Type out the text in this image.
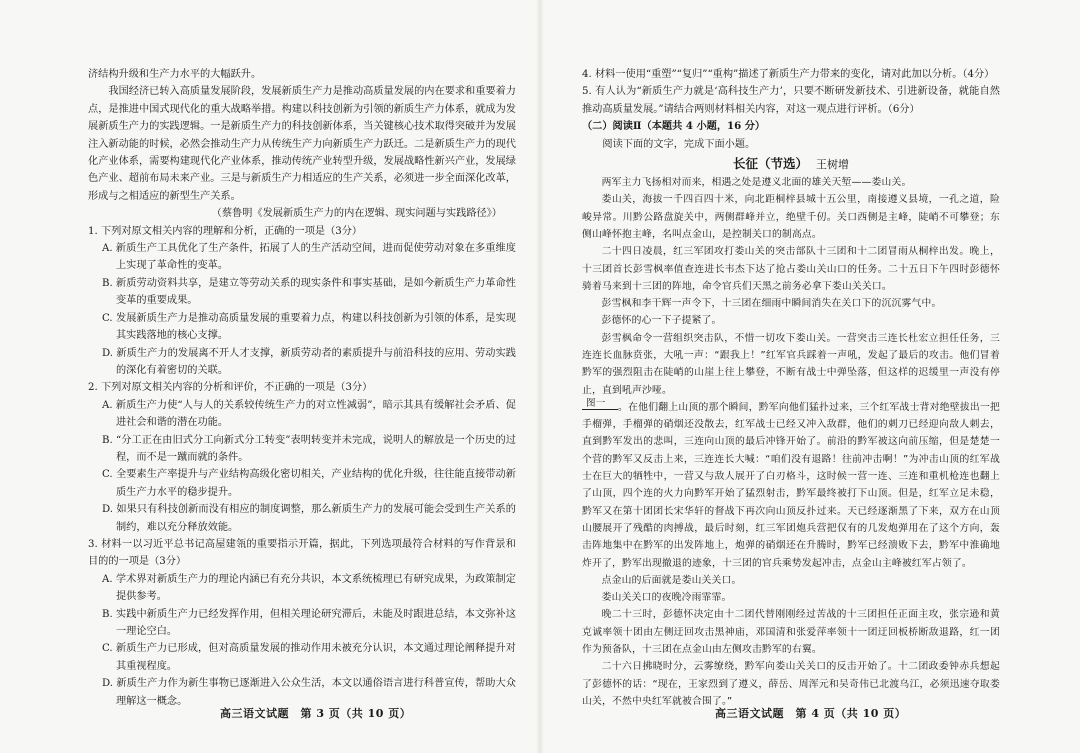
济结构升级和生产力水平的大幅跃升。

我国经济已转入高质量发展阶段，发展新质生产力是推动高质量发展的内在要求和重要着力点，是推进中国式现代化的重大战略举措。构建以科技创新为引领的新质生产力体系，就成为发展新质生产力的实践逻辑。一是新质生产力的科技创新体系，当关键核心技术取得突破并为发展注入新动能的时候，必然会推动生产力从传统生产力向新质生产力跃迁。二是新质生产力的现代化产业体系，需要构建现代化产业体系，推动传统产业转型升级，发展战略性新兴产业，发展绿色产业、超前布局未来产业。三是与新质生产力相适应的生产关系，必须进一步全面深化改革，形成与之相适应的新型生产关系。

（蔡鲁明《发展新质生产力的内在逻辑、现实问题与实践路径》）

1. 下列对原文相关内容的理解和分析，正确的一项是（3分）

A. 新质生产工具优化了生产条件，拓展了人的生产活动空间，进而促使劳动对象在多重维度上实现了革命性的变革。

B. 新质劳动资料共享，是建立等劳动关系的现实条件和事实基础，是如今新质生产力革命性变革的重要成果。

C. 发展新质生产力是推动高质量发展的重要着力点，构建以科技创新为引领的体系，是实现其实践落地的核心支撑。

D. 新质生产力的发展离不开人才支撑，新质劳动者的素质提升与前沿科技的应用、劳动实践的深化有着密切的关联。

2. 下列对原文相关内容的分析和评价，不正确的一项是（3分）

A. 新质生产力使“人与人的关系较传统生产力的对立性减弱”，暗示其具有缓解社会矛盾、促进社会和谐的潜在功能。

B. “分工正在由旧式分工向新式分工转变”表明转变并未完成，说明人的解放是一个历史的过程，而不是一蹴而就的条件。

C. 全要素生产率提升与产业结构高级化密切相关，产业结构的优化升级，往往能直接带动新质生产力水平的稳步提升。

D. 如果只有科技创新而没有相应的制度调整，那么新质生产力的发展可能会受到生产关系的制约，难以充分释放效能。

3. 材料一以习近平总书记高屋建瓴的重要指示开篇，据此，下列选项最符合材料的写作背景和目的的一项是（3分）

A. 学术界对新质生产力的理论内涵已有充分共识，本文系统梳理已有研究成果，为政策制定提供参考。

B. 实践中新质生产力已经发挥作用，但相关理论研究滞后，未能及时跟进总结，本文弥补这一理论空白。

C. 新质生产力已形成，但对高质量发展的推动作用未被充分认识，本文通过理论阐释提升对其重视程度。

D. 新质生产力作为新生事物已逐渐进入公众生活，本文以通俗语言进行科普宣传，帮助大众理解这一概念。

高三语文试题　第 3 页（共 10 页）

4. 材料一使用“重塑”“复归”“重构”描述了新质生产力带来的变化，请对此加以分析。（4分）

5. 有人认为“新质生产力就是‘高科技生产力’，只要不断研发新技术、引进新设备，就能自然推动高质量发展。”请结合两则材料相关内容，对这一观点进行评析。（6分）

（二）阅读Ⅱ（本题共 4 小题，16 分）

阅读下面的文字，完成下面小题。

长征（节选） 王树增

两军主力飞扬相对而来，相遇之处是遵义北面的雄关天堑——娄山关。

娄山关，海拔一千四百四十米，向北距桐梓县城十五公里，南接遵义县境，一孔之道，险峻异常。川黔公路盘旋关中，两侧群峰并立，绝壁千仞。关口西侧是主峰，陡峭不可攀登；东侧山峰怀抱主峰，名叫点金山，是控制关口的制高点。

二十四日凌晨，红三军团攻打娄山关的突击部队十三团和十二团冒雨从桐梓出发。晚上，十三团首长彭雪枫率值查连进长韦杰下达了抢占娄山关山口的任务。二十五日下午四时彭德怀骑着马来到十三团的阵地，命令官兵们天黑之前务必拿下娄山关关口。

彭雪枫和李干辉一声令下，十三团在细雨中瞬间消失在关口下的沉沉雾气中。

彭德怀的心一下子提紧了。

彭雪枫命令一营组织突击队，不惜一切攻下娄山关。一营突击三连长杜宏立担任任务，三连连长血脉贲张，大吼一声：“跟我上！”红军官兵踩着一声吼，发起了最后的攻击。他们冒着黔军的强烈阻击在陡峭的山崖上往上攀登，不断有战士中弹坠落，但这样的迟缓里一声没有停止，直到吼声沙哑。

图一 。在他们翻上山顶的那个瞬间，黔军向他们猛扑过来，三个红军战士背对绝壁拔出一把手榴弹，手榴弹的硝烟还没散去，红军战士已经又冲入敌群，他们的刺刀已经迎向敌人刺去，直到黔军发出的悲叫，三连向山顶的最后冲锋开始了。前沿的黔军被这向前压缩，但是楚楚一个营的黔军又反击上来，三连连长大喊：“咱们没有退路！往前冲击啊！”为冲击山顶的红军战士在巨大的牺牲中，一营又与敌人展开了白刃格斗，这时候一营一连、三连和重机枪连也翻上了山顶，四个连的火力向黔军开始了猛烈射击，黔军最终被打下山顶。但是，红军立足未稳，黔军又在第十团团长宋华轩的督战下再次向山顶反扑过来。天已经逐渐黑了下来，双方在山顶山腰展开了残酷的肉搏战，最后时刻，红三军团炮兵营把仅有的几发炮弹用在了这个方向，轰击阵地集中在黔军的出发阵地上，炮弹的硝烟还在升腾时，黔军已经溃败下去，黔军中淮确地炸开了，黔军出现撤退的迹象，十三团的官兵乘势发起冲击，点金山主峰被红军占领了。

点金山的后面就是娄山关关口。

娄山关关口的夜晚冷雨霏霏。

晚二十三时，彭德怀决定由十二团代替刚刚经过苦战的十三团担任正面主攻，张宗逊和黄克诚率领十团由左侧迂回攻击黑神庙，邓国清和张爱萍率领十一团迂回板桥断敌退路，红一团作为预备队，十三团在点金山由左侧攻击黔军的右翼。

二十六日拂晓时分，云雾缭绕，黔军向娄山关关口的反击开始了。十二团政委钟赤兵想起了彭德怀的话：“现在，王家烈到了遵义，薛岳、周浑元和吴奇伟已北渡乌江，必须迅速夺取娄山关，不然中央红军就被合围了。”

高三语文试题　第 4 页（共 10 页）
